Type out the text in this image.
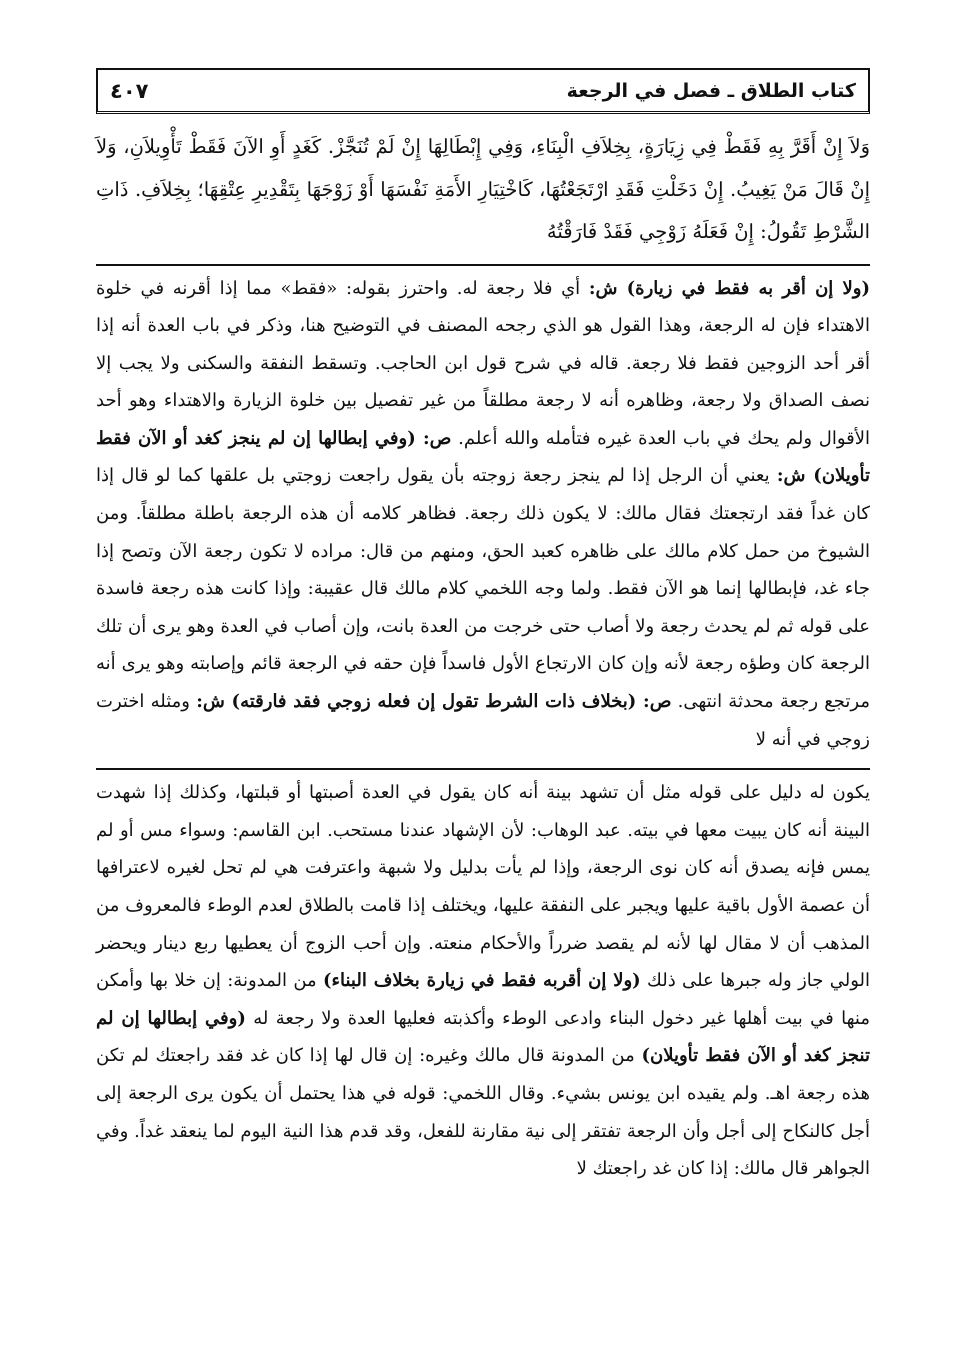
كتاب الطلاق ـ فصل في الرجعة
٤٠٧

وَلاَ إِنْ أَقَرَّ بِهِ فَقَطْ فِي زِيَارَةٍ، بِخِلاَفِ الْبِنَاءِ، وَفِي إِبْطَالِهَا إِنْ لَمْ تُنَجَّزْ. كَغَدٍ أَوِ الآنَ فَقَطْ تَأْوِيلاَنِ، وَلاَ إِنْ قَالَ مَنْ يَغِيبُ. إِنْ دَخَلْتِ فَقَدِ ارْتَجَعْتُهَا، كَاخْتِيَارِ الأَمَةِ نَفْسَهَا أَوْ زَوْجَهَا بِتَقْدِيرِ عِتْقِهَا؛ بِخِلاَفِ. ذَاتِ الشَّرْطِ تَقُولُ: إِنْ فَعَلَهُ زَوْجِي فَقَدْ فَارَقْتُهُ

(ولا إن أقر به فقط في زيارة) ش: أي فلا رجعة له. واحترز بقوله: «فقط» مما إذا أقرنه في خلوة الاهتداء فإن له الرجعة، وهذا القول هو الذي رجحه المصنف في التوضيح هنا، وذكر في باب العدة أنه إذا أقر أحد الزوجين فقط فلا رجعة. قاله في شرح قول ابن الحاجب. وتسقط النفقة والسكنى ولا يجب إلا نصف الصداق ولا رجعة، وظاهره أنه لا رجعة مطلقاً من غير تفصيل بين خلوة الزيارة والاهتداء وهو أحد الأقوال ولم يحك في باب العدة غيره فتأمله والله أعلم. ص: (وفي إبطالها إن لم ينجز كغد أو الآن فقط تأويلان) ش: يعني أن الرجل إذا لم ينجز رجعة زوجته بأن يقول راجعت زوجتي بل علقها كما لو قال إذا كان غداً فقد ارتجعتك فقال مالك: لا يكون ذلك رجعة. فظاهر كلامه أن هذه الرجعة باطلة مطلقاً. ومن الشيوخ من حمل كلام مالك على ظاهره كعبد الحق، ومنهم من قال: مراده لا تكون رجعة الآن وتصح إذا جاء غد، فإبطالها إنما هو الآن فقط. ولما وجه اللخمي كلام مالك قال عقيبة: وإذا كانت هذه رجعة فاسدة على قوله ثم لم يحدث رجعة ولا أصاب حتى خرجت من العدة بانت، وإن أصاب في العدة وهو يرى أن تلك الرجعة كان وطؤه رجعة لأنه وإن كان الارتجاع الأول فاسداً فإن حقه في الرجعة قائم وإصابته وهو يرى أنه مرتجع رجعة محدثة انتهى. ص: (بخلاف ذات الشرط تقول إن فعله زوجي فقد فارقته) ش: ومثله اخترت زوجي في أنه لا

يكون له دليل على قوله مثل أن تشهد بينة أنه كان يقول في العدة أصبتها أو قبلتها، وكذلك إذا شهدت البينة أنه كان يبيت معها في بيته. عبد الوهاب: لأن الإشهاد عندنا مستحب. ابن القاسم: وسواء مس أو لم يمس فإنه يصدق أنه كان نوى الرجعة، وإذا لم يأت بدليل ولا شبهة واعترفت هي لم تحل لغيره لاعترافها أن عصمة الأول باقية عليها ويجبر على النفقة عليها، ويختلف إذا قامت بالطلاق لعدم الوطء فالمعروف من المذهب أن لا مقال لها لأنه لم يقصد ضرراً والأحكام منعته. وإن أحب الزوج أن يعطيها ربع دينار ويحضر الولي جاز وله جبرها على ذلك (ولا إن أقربه فقط في زيارة بخلاف البناء) من المدونة: إن خلا بها وأمكن منها في بيت أهلها غير دخول البناء وادعى الوطء وأكذبته فعليها العدة ولا رجعة له (وفي إبطالها إن لم تنجز كغد أو الآن فقط تأويلان) من المدونة قال مالك وغيره: إن قال لها إذا كان غد فقد راجعتك لم تكن هذه رجعة اهـ. ولم يقيده ابن يونس بشيء. وقال اللخمي: قوله في هذا يحتمل أن يكون يرى الرجعة إلى أجل كالنكاح إلى أجل وأن الرجعة تفتقر إلى نية مقارنة للفعل، وقد قدم هذا النية اليوم لما ينعقد غداً. وفي الجواهر قال مالك: إذا كان غد راجعتك لا
